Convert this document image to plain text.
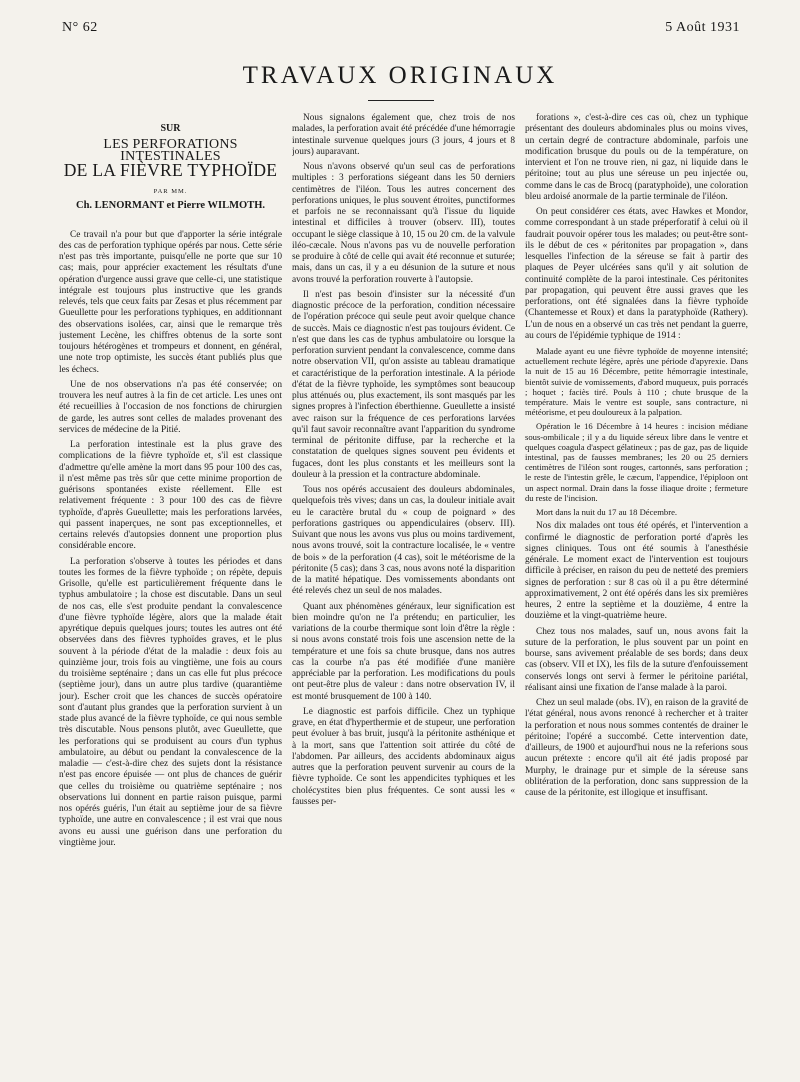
N° 62	5 Août 1931
TRAVAUX ORIGINAUX
SUR
LES PERFORATIONS INTESTINALES
DE LA FIÈVRE TYPHOÏDE
PAR MM.
Ch. LENORMANT et Pierre WILMOTH.

Ce travail n'a pour but que d'apporter la série intégrale des cas de perforation typhique opérés par nous. Cette série n'est pas très importante, puisqu'elle ne porte que sur 10 cas; mais, pour apprécier exactement les résultats d'une opération d'urgence aussi grave que celle-ci, une statistique intégrale est toujours plus instructive que les grands relevés, tels que ceux faits par Zesas et plus récemment par Gueullette pour les perforations typhiques, en additionnant des observations isolées, car, ainsi que le remarque très justement Lecène, les chiffres obtenus de la sorte sont toujours hétérogènes et trompeurs et donnent, en général, une note trop optimiste, les succès étant publiés plus que les échecs.

Une de nos observations n'a pas été conservée; on trouvera les neuf autres à la fin de cet article. Les unes ont été recueillies à l'occasion de nos fonctions de chirurgien de garde, les autres sont celles de malades provenant des services de médecine de la Pitié.

La perforation intestinale est la plus grave des complications de la fièvre typhoïde et, s'il est classique d'admettre qu'elle amène la mort dans 95 pour 100 des cas, il n'est même pas très sûr que cette minime proportion de guérisons spontanées existe réellement. Elle est relativement fréquente : 3 pour 100 des cas de fièvre typhoïde, d'après Gueullette; mais les perforations larvées, qui passent inaperçues, ne sont pas exceptionnelles, et certains relevés d'autopsies donnent une proportion plus considérable encore.

La perforation s'observe à toutes les périodes et dans toutes les formes de la fièvre typhoïde ; on répète, depuis Grisolle, qu'elle est particulièrement fréquente dans le typhus ambulatoire ; la chose est discutable. Dans un seul de nos cas, elle s'est produite pendant la convalescence d'une fièvre typhoïde légère, alors que la malade était apyrétique depuis quelques jours; toutes les autres ont été observées dans des fièvres typhoïdes graves, et le plus souvent à la période d'état de la maladie : deux fois au quinzième jour, trois fois au vingtième, une fois au cours du troisième septénaire ; dans un cas elle fut plus précoce (septième jour), dans un autre plus tardive (quarantième jour). Escher croit que les chances de succès opératoire sont d'autant plus grandes que la perforation survient à un stade plus avancé de la fièvre typhoïde, ce qui nous semble très discutable. Nous pensons plutôt, avec Gueullette, que les perforations qui se produisent au cours d'un typhus ambulatoire, au début ou pendant la convalescence de la maladie — c'est-à-dire chez des sujets dont la résistance n'est pas encore épuisée — ont plus de chances de guérir que celles du troisième ou quatrième septénaire ; nos observations lui donnent en partie raison puisque, parmi nos opérés guéris, l'un était au septième jour de sa fièvre typhoïde, une autre en convalescence ; il est vrai que nous avons eu aussi une guérison dans une perforation du vingtième jour.

Nous signalons également que, chez trois de nos malades, la perforation avait été précédée d'une hémorragie intestinale survenue quelques jours (3 jours, 4 jours et 8 jours) auparavant.

Nous n'avons observé qu'un seul cas de perforations multiples : 3 perforations siégeant dans les 50 derniers centimètres de l'iléon. Tous les autres concernent des perforations uniques, le plus souvent étroites, punctiformes et parfois ne se reconnaissant qu'à l'issue du liquide intestinal et difficiles à trouver (observ. III), toutes occupant le siège classique à 10, 15 ou 20 cm. de la valvule iléo-cæcale. Nous n'avons pas vu de nouvelle perforation se produire à côté de celle qui avait été reconnue et suturée; mais, dans un cas, il y a eu désunion de la suture et nous avons trouvé la perforation rouverte à l'autopsie.

Il n'est pas besoin d'insister sur la nécessité d'un diagnostic précoce de la perforation, condition nécessaire de l'opération précoce qui seule peut avoir quelque chance de succès. Mais ce diagnostic n'est pas toujours évident. Ce n'est que dans les cas de typhus ambulatoire ou lorsque la perforation survient pendant la convalescence, comme dans notre observation VII, qu'on assiste au tableau dramatique et caractéristique de la perforation intestinale. A la période d'état de la fièvre typhoïde, les symptômes sont beaucoup plus atténués ou, plus exactement, ils sont masqués par les signes propres à l'infection éberthienne. Gueullette a insisté avec raison sur la fréquence de ces perforations larvées qu'il faut savoir reconnaître avant l'apparition du syndrome terminal de péritonite diffuse, par la recherche et la constatation de quelques signes souvent peu évidents et fugaces, dont les plus constants et les meilleurs sont la douleur à la pression et la contracture abdominale.

Tous nos opérés accusaient des douleurs abdominales, quelquefois très vives; dans un cas, la douleur initiale avait eu le caractère brutal du « coup de poignard » des perforations gastriques ou appendiculaires (observ. III). Suivant que nous les avons vus plus ou moins tardivement, nous avons trouvé, soit la contracture localisée, le « ventre de bois » de la perforation (4 cas), soit le météorisme de la péritonite (5 cas); dans 3 cas, nous avons noté la disparition de la matité hépatique. Des vomissements abondants ont été relevés chez un seul de nos malades.

Quant aux phénomènes généraux, leur signification est bien moindre qu'on ne l'a prétendu; en particulier, les variations de la courbe thermique sont loin d'être la règle : si nous avons constaté trois fois une ascension nette de la température et une fois sa chute brusque, dans nos autres cas la courbe n'a pas été modifiée d'une manière appréciable par la perforation. Les modifications du pouls ont peut-être plus de valeur : dans notre observation IV, il est monté brusquement de 100 à 140.

Le diagnostic est parfois difficile. Chez un typhique grave, en état d'hyperthermie et de stupeur, une perforation peut évoluer à bas bruit, jusqu'à la péritonite asthénique et à la mort, sans que l'attention soit attirée du côté de l'abdomen. Par ailleurs, des accidents abdominaux aigus autres que la perforation peuvent survenir au cours de la fièvre typhoïde. Ce sont les appendicites typhiques et les cholécystites bien plus fréquentes. Ce sont aussi les « fausses per-

forations », c'est-à-dire ces cas où, chez un typhique présentant des douleurs abdominales plus ou moins vives, un certain degré de contracture abdominale, parfois une modification brusque du pouls ou de la température, on intervient et l'on ne trouve rien, ni gaz, ni liquide dans le péritoine; tout au plus une séreuse un peu injectée ou, comme dans le cas de Brocq (paratyphoïde), une coloration bleu ardoisé anormale de la partie terminale de l'iléon.

On peut considérer ces états, avec Hawkes et Mondor, comme correspondant à un stade préperforatif à celui où il faudrait pouvoir opérer tous les malades; ou peut-être sont-ils le début de ces « péritonites par propagation », dans lesquelles l'infection de la séreuse se fait à partir des plaques de Peyer ulcérées sans qu'il y ait solution de continuité complète de la paroi intestinale. Ces péritonites par propagation, qui peuvent être aussi graves que les perforations, ont été signalées dans la fièvre typhoïde (Chantemesse et Roux) et dans la paratyphoïde (Rathery). L'un de nous en a observé un cas très net pendant la guerre, au cours de l'épidémie typhique de 1914 :

Malade ayant eu une fièvre typhoïde de moyenne intensité; actuellement rechute légère, après une période d'apyrexie. Dans la nuit de 15 au 16 Décembre, petite hémorragie intestinale, bientôt suivie de vomissements, d'abord muqueux, puis porracés ; hoquet ; faciès tiré. Pouls à 110 ; chute brusque de la température. Mais le ventre est souple, sans contracture, ni météorisme, et peu douloureux à la palpation.

Opération le 16 Décembre à 14 heures : incision médiane sous-ombilicale ; il y a du liquide séreux libre dans le ventre et quelques coagula d'aspect gélatineux ; pas de gaz, pas de liquide intestinal, pas de fausses membranes; les 20 ou 25 derniers centimètres de l'iléon sont rouges, cartonnés, sans perforation ; le reste de l'intestin grêle, le cæcum, l'appendice, l'épiploon ont un aspect normal. Drain dans la fosse iliaque droite ; fermeture du reste de l'incision.

Mort dans la nuit du 17 au 18 Décembre.

Nos dix malades ont tous été opérés, et l'intervention a confirmé le diagnostic de perforation porté d'après les signes cliniques. Tous ont été soumis à l'anesthésie générale. Le moment exact de l'intervention est toujours difficile à préciser, en raison du peu de netteté des premiers signes de perforation : sur 8 cas où il a pu être déterminé approximativement, 2 ont été opérés dans les six premières heures, 2 entre la septième et la douzième, 4 entre la douzième et la vingt-quatrième heure.

Chez tous nos malades, sauf un, nous avons fait la suture de la perforation, le plus souvent par un point en bourse, sans avivement préalable de ses bords; dans deux cas (observ. VII et IX), les fils de la suture d'enfouissement conservés longs ont servi à fermer le péritoine pariétal, réalisant ainsi une fixation de l'anse malade à la paroi.

Chez un seul malade (obs. IV), en raison de la gravité de l'état général, nous avons renoncé à rechercher et à traiter la perforation et nous nous sommes contentés de drainer le péritoine; l'opéré a succombé. Cette intervention date, d'ailleurs, de 1900 et aujourd'hui nous ne la referions sous aucun prétexte : encore qu'il ait été jadis proposé par Murphy, le drainage pur et simple de la séreuse sans oblitération de la perforation, donc sans suppression de la cause de la péritonite, est illogique et insuffisant.
